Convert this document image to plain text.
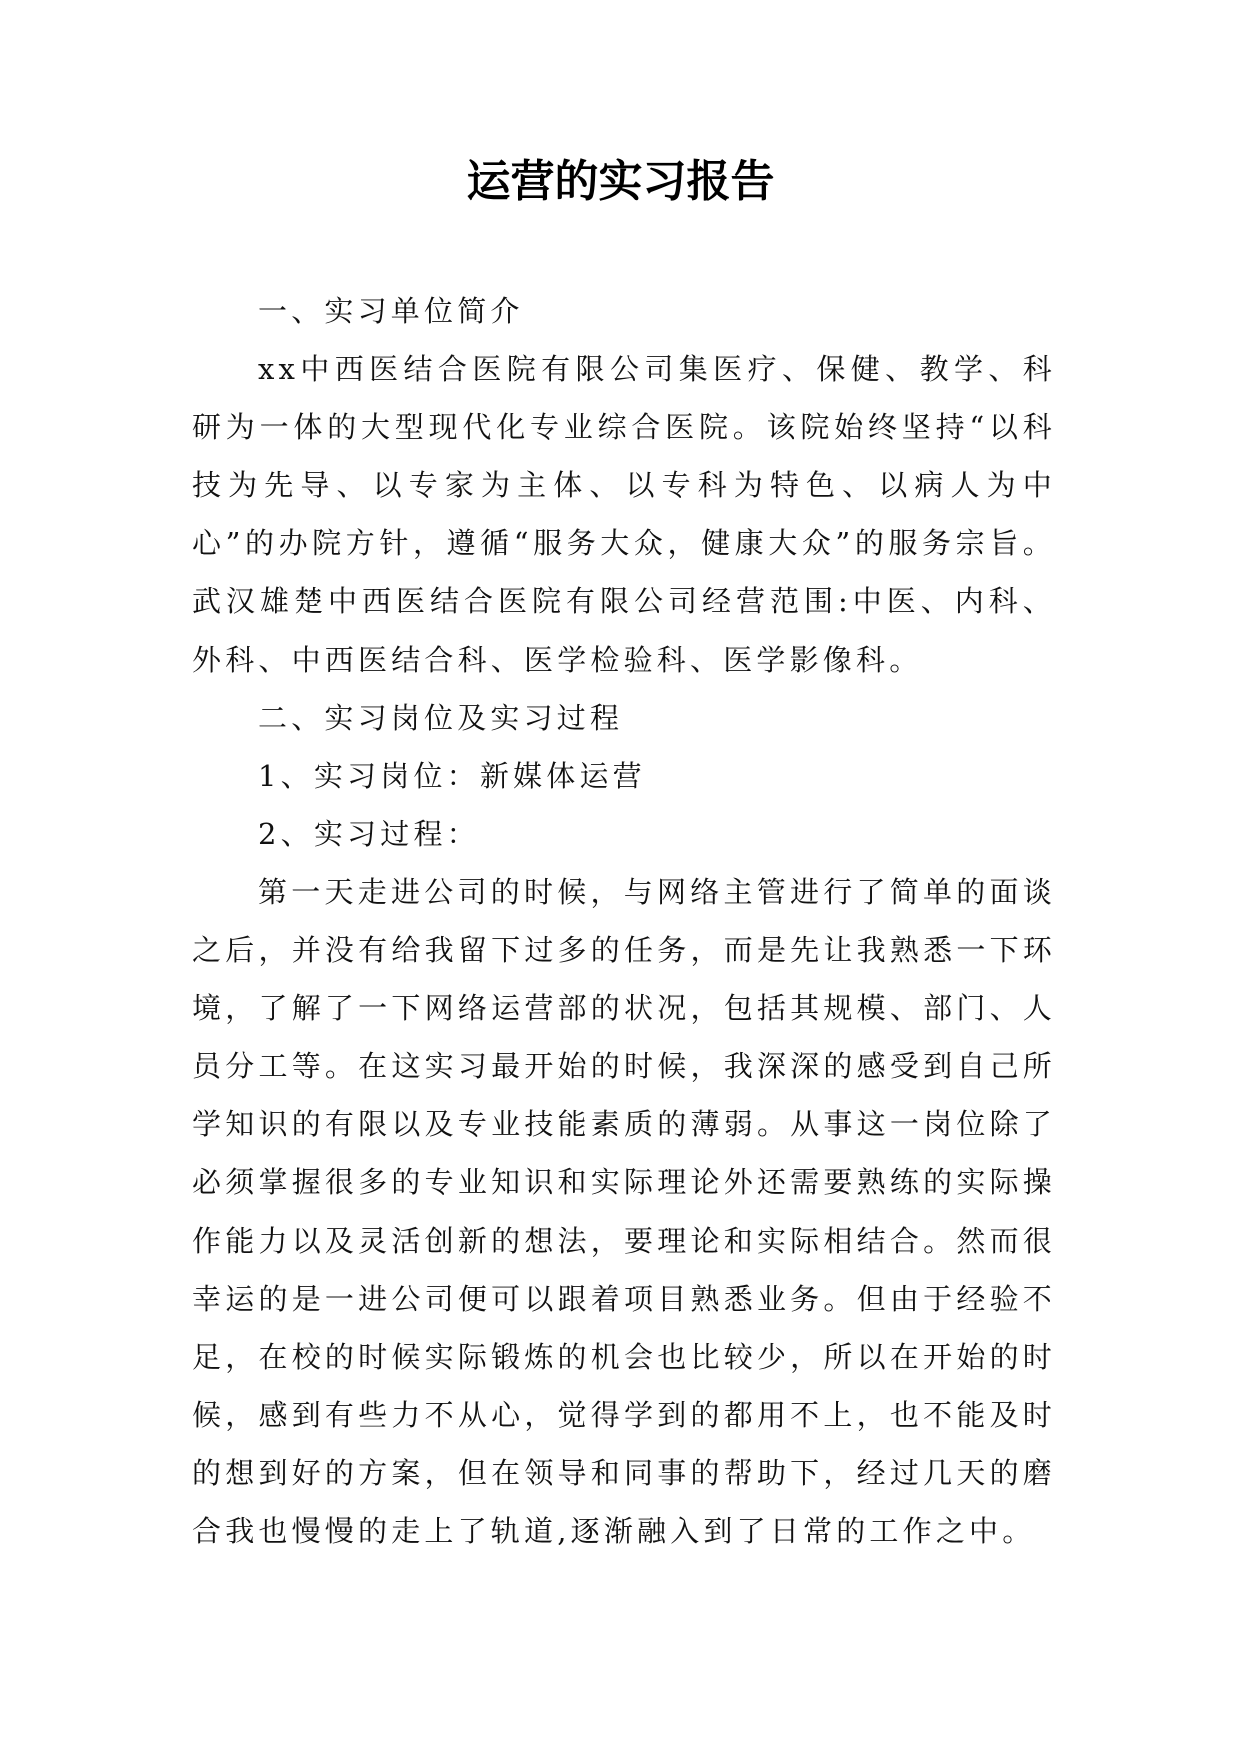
运营的实习报告

一、实习单位简介

xx中西医结合医院有限公司集医疗、保健、教学、科研为一体的大型现代化专业综合医院。该院始终坚持“以科技为先导、以专家为主体、以专科为特色、以病人为中心”的办院方针，遵循“服务大众，健康大众”的服务宗旨。武汉雄楚中西医结合医院有限公司经营范围:中医、内科、外科、中西医结合科、医学检验科、医学影像科。

二、实习岗位及实习过程

1、实习岗位：新媒体运营

2、实习过程：

第一天走进公司的时候，与网络主管进行了简单的面谈之后，并没有给我留下过多的任务，而是先让我熟悉一下环境，了解了一下网络运营部的状况，包括其规模、部门、人员分工等。在这实习最开始的时候，我深深的感受到自己所学知识的有限以及专业技能素质的薄弱。从事这一岗位除了必须掌握很多的专业知识和实际理论外还需要熟练的实际操作能力以及灵活创新的想法，要理论和实际相结合。然而很幸运的是一进公司便可以跟着项目熟悉业务。但由于经验不足，在校的时候实际锻炼的机会也比较少，所以在开始的时候，感到有些力不从心，觉得学到的都用不上，也不能及时的想到好的方案，但在领导和同事的帮助下，经过几天的磨合我也慢慢的走上了轨道,逐渐融入到了日常的工作之中。
